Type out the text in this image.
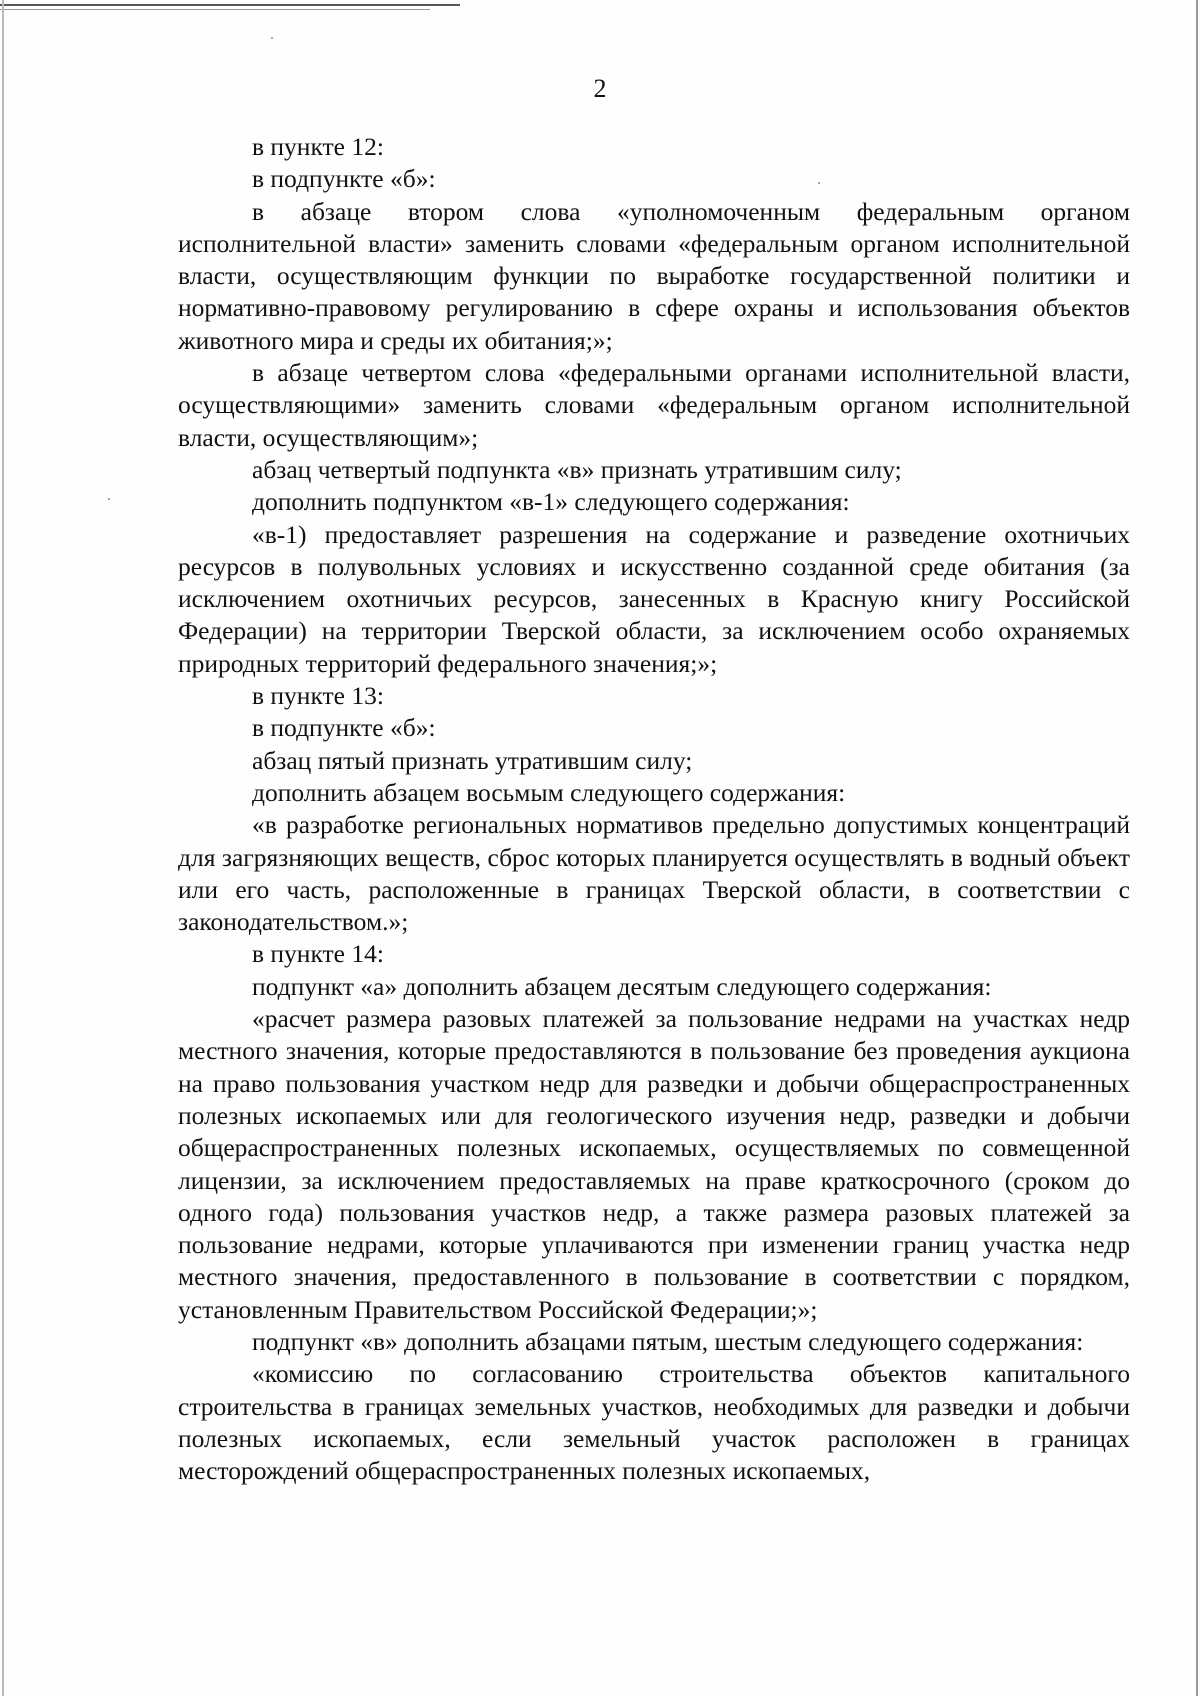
2

в пункте 12:

в подпункте «б»:

в абзаце втором слова «уполномоченным федеральным органом исполнительной власти» заменить словами «федеральным органом исполнительной власти, осуществляющим функции по выработке государственной политики и нормативно-правовому регулированию в сфере охраны и использования объектов животного мира и среды их обитания;»;

в абзаце четвертом слова «федеральными органами исполнительной власти, осуществляющими» заменить словами «федеральным органом исполнительной власти, осуществляющим»;

абзац четвертый подпункта «в» признать утратившим силу;

дополнить подпунктом «в-1» следующего содержания:

«в-1) предоставляет разрешения на содержание и разведение охотничьих ресурсов в полувольных условиях и искусственно созданной среде обитания (за исключением охотничьих ресурсов, занесенных в Красную книгу Российской Федерации) на территории Тверской области, за исключением особо охраняемых природных территорий федерального значения;»;

в пункте 13:

в подпункте «б»:

абзац пятый признать утратившим силу;

дополнить абзацем восьмым следующего содержания:

«в разработке региональных нормативов предельно допустимых концентраций для загрязняющих веществ, сброс которых планируется осуществлять в водный объект или его часть, расположенные в границах Тверской области, в соответствии с законодательством.»;

в пункте 14:

подпункт «а» дополнить абзацем десятым следующего содержания:

«расчет размера разовых платежей за пользование недрами на участках недр местного значения, которые предоставляются в пользование без проведения аукциона на право пользования участком недр для разведки и добычи общераспространенных полезных ископаемых или для геологического изучения недр, разведки и добычи общераспространенных полезных ископаемых, осуществляемых по совмещенной лицензии, за исключением предоставляемых на праве краткосрочного (сроком до одного года) пользования участков недр, а также размера разовых платежей за пользование недрами, которые уплачиваются при изменении границ участка недр местного значения, предоставленного в пользование в соответствии с порядком, установленным Правительством Российской Федерации;»;

подпункт «в» дополнить абзацами пятым, шестым следующего содержания:

«комиссию по согласованию строительства объектов капитального строительства в границах земельных участков, необходимых для разведки и добычи полезных ископаемых, если земельный участок расположен в границах месторождений общераспространенных полезных ископаемых,
